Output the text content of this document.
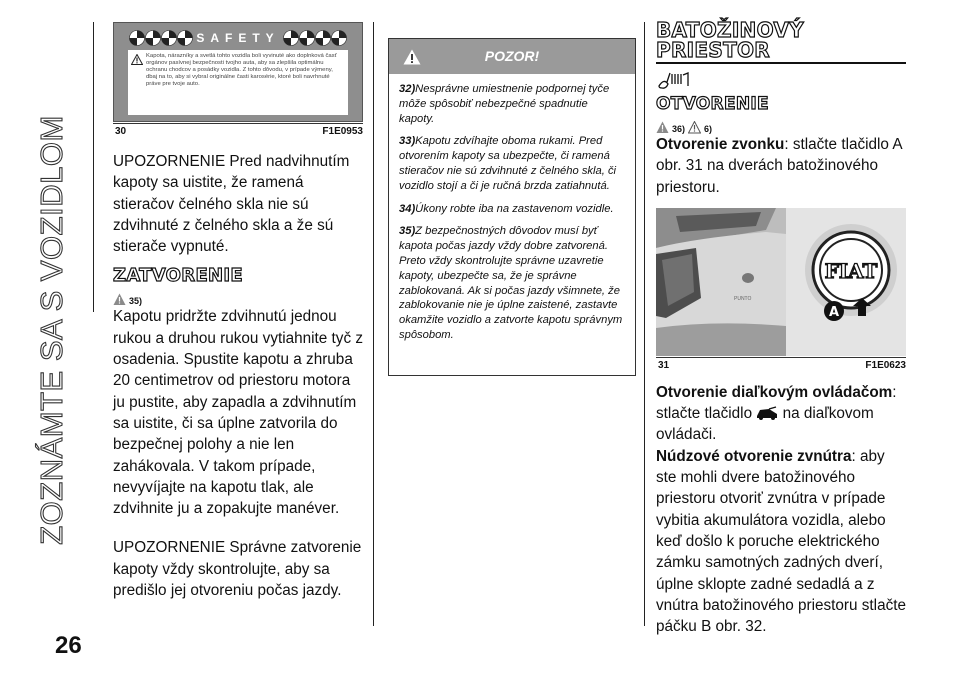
ZOZNÁMTE SA S VOZIDLOM
26
SAFETY
Kapota, nárazníky a svetlá tohto vozidla boli vyvinuté ako doplnková časť orgánov pasívnej bezpečnosti tvojho auta, aby sa zlepšila optimálnu ochranu chodcov a posádky vozidla. Z tohto dôvodu, v prípade výmeny, dbaj na to, aby si vybral originálne časti karosérie, ktoré boli navrhnuté práve pre tvoje auto.
30	F1E0953

UPOZORNENIE Pred nadvihnutím kapoty sa uistite, že ramená stieračov čelného skla nie sú zdvihnuté z čelného skla a že sú stierače vypnuté.

ZATVORENIE
35)

Kapotu pridržte zdvihnutú jednou rukou a druhou rukou vytiahnite tyč z osadenia. Spustite kapotu a zhruba 20 centimetrov od priestoru motora ju pustite, aby zapadla a zdvihnutím sa uistite, či sa úplne zatvorila do bezpečnej polohy a nie len zahákovala. V takom prípade, nevyvíjajte na kapotu tlak, ale zdvihnite ju a zopakujte manéver.

UPOZORNENIE Správne zatvorenie kapoty vždy skontrolujte, aby sa predišlo jej otvoreniu počas jazdy.

POZOR!

32)Nesprávne umiestnenie podpornej tyče môže spôsobiť nebezpečné spadnutie kapoty.

33)Kapotu zdvíhajte oboma rukami. Pred otvorením kapoty sa ubezpečte, či ramená stieračov nie sú zdvihnuté z čelného skla, či vozidlo stojí a či je ručná brzda zatiahnutá.

34)Úkony robte iba na zastavenom vozidle.

35)Z bezpečnostných dôvodov musí byť kapota počas jazdy vždy dobre zatvorená. Preto vždy skontrolujte správne uzavretie kapoty, ubezpečte sa, že je správne zablokovaná. Ak si počas jazdy všimnete, že zablokovanie nie je úplne zaistené, zastavte okamžite vozidlo a zatvorte kapotu správnym spôsobom.

BATOŽINOVÝ
PRIESTOR
OTVORENIE
36) 6)

Otvorenie zvonku: stlačte tlačidlo A obr. 31 na dverách batožinového priestoru.

PUNTO
FIAT
A
31	F1E0623

Otvorenie diaľkovým ovládačom:
stlačte tlačidlo na diaľkovom ovládači.

Núdzové otvorenie zvnútra: aby ste mohli dvere batožinového priestoru otvoriť zvnútra v prípade vybitia akumulátora vozidla, alebo keď došlo k poruche elektrického zámku samotných zadných dverí, úplne sklopte zadné sedadlá a z vnútra batožinového priestoru stlačte páčku B obr. 32.
